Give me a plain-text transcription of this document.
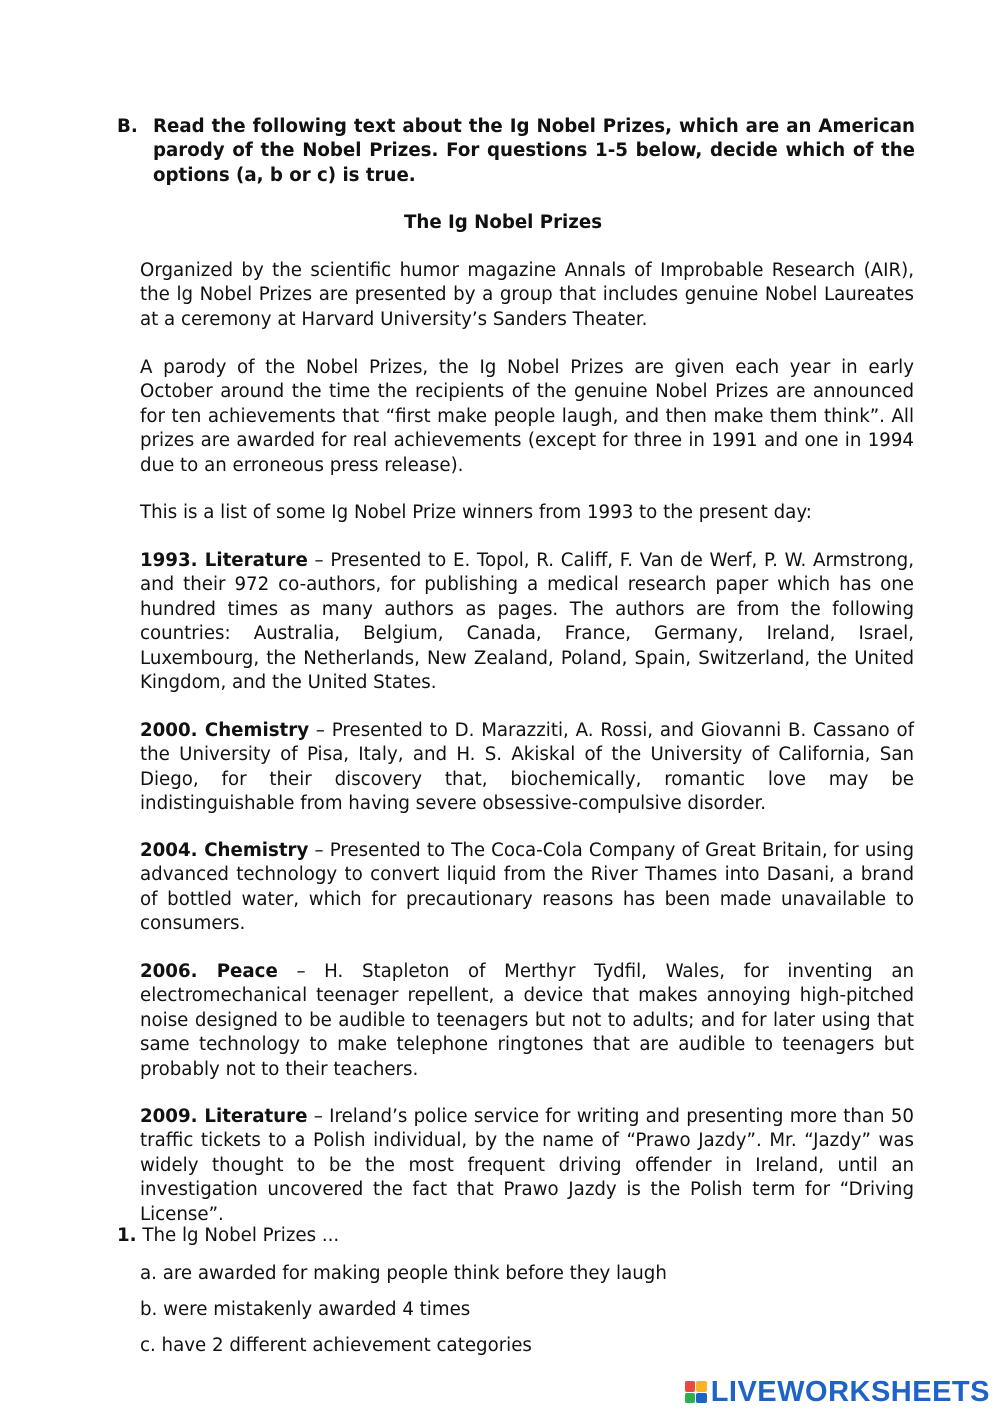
B. Read the following text about the Ig Nobel Prizes, which are an American parody of the Nobel Prizes. For questions 1-5 below, decide which of the options (a, b or c) is true.
The Ig Nobel Prizes

Organized by the scientific humor magazine Annals of Improbable Research (AIR), the lg Nobel Prizes are presented by a group that includes genuine Nobel Laureates at a ceremony at Harvard University’s Sanders Theater.

A parody of the Nobel Prizes, the Ig Nobel Prizes are given each year in early October around the time the recipients of the genuine Nobel Prizes are announced for ten achievements that “first make people laugh, and then make them think”. All prizes are awarded for real achievements (except for three in 1991 and one in 1994 due to an erroneous press release).

This is a list of some Ig Nobel Prize winners from 1993 to the present day:

1993. Literature – Presented to E. Topol, R. Califf, F. Van de Werf, P. W. Armstrong, and their 972 co-authors, for publishing a medical research paper which has one hundred times as many authors as pages. The authors are from the following countries: Australia, Belgium, Canada, France, Germany, Ireland, Israel, Luxembourg, the Netherlands, New Zealand, Poland, Spain, Switzerland, the United Kingdom, and the United States.

2000. Chemistry – Presented to D. Marazziti, A. Rossi, and Giovanni B. Cassano of the University of Pisa, Italy, and H. S. Akiskal of the University of California, San Diego, for their discovery that, biochemically, romantic love may be indistinguishable from having severe obsessive-compulsive disorder.

2004. Chemistry – Presented to The Coca-Cola Company of Great Britain, for using advanced technology to convert liquid from the River Thames into Dasani, a brand of bottled water, which for precautionary reasons has been made unavailable to consumers.

2006. Peace – H. Stapleton of Merthyr Tydfil, Wales, for inventing an electromechanical teenager repellent, a device that makes annoying high-pitched noise designed to be audible to teenagers but not to adults; and for later using that same technology to make telephone ringtones that are audible to teenagers but probably not to their teachers.

2009. Literature – Ireland’s police service for writing and presenting more than 50 traffic tickets to a Polish individual, by the name of “Prawo Jazdy”. Mr. “Jazdy” was widely thought to be the most frequent driving offender in Ireland, until an investigation uncovered the fact that Prawo Jazdy is the Polish term for “Driving License”.

1. The lg Nobel Prizes ...
a. are awarded for making people think before they laugh
b. were mistakenly awarded 4 times
c. have 2 different achievement categories
LIVEWORKSHEETS
